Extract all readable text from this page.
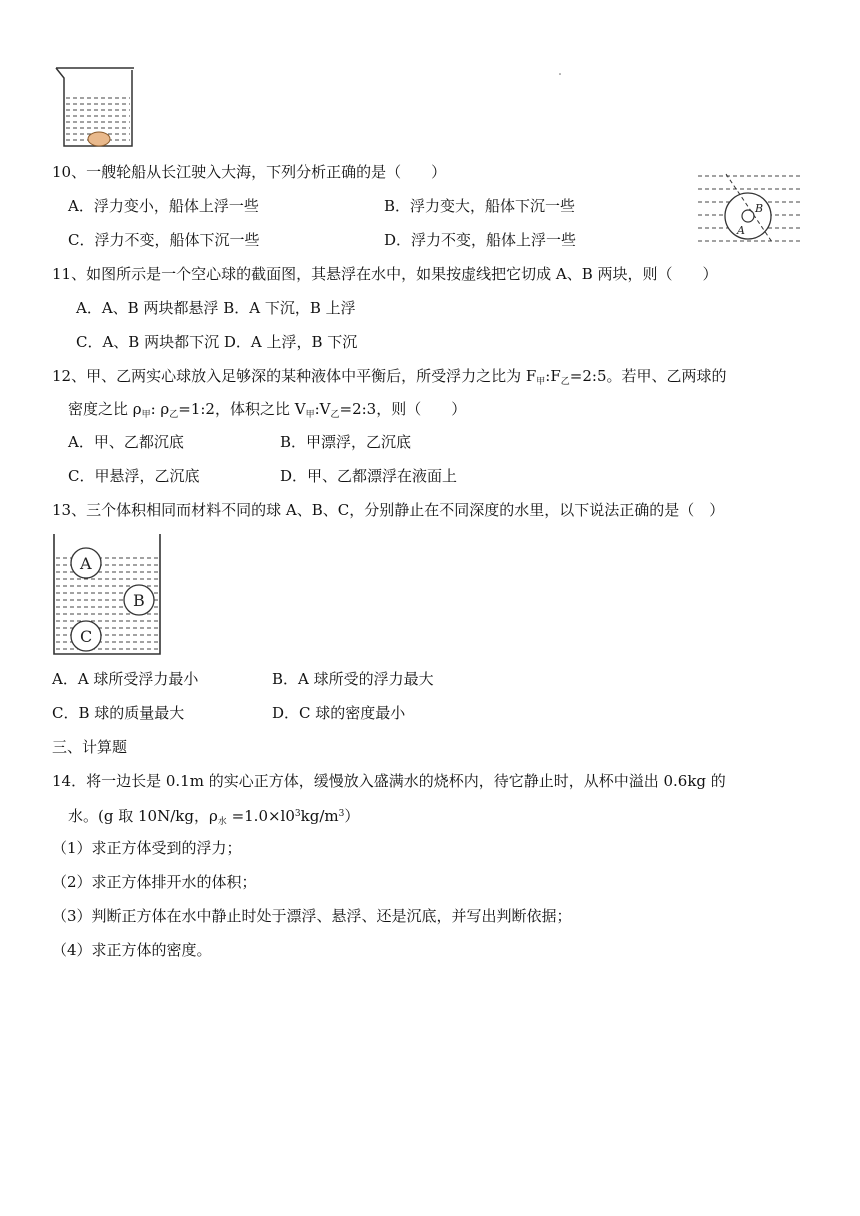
10、一艘轮船从长江驶入大海，下列分析正确的是（　　）
A．浮力变小，船体上浮一些	B．浮力变大，船体下沉一些
C．浮力不变，船体下沉一些	D．浮力不变，船体上浮一些
B
A
11、如图所示是一个空心球的截面图，其悬浮在水中，如果按虚线把它切成 A、B 两块，则（　　）
A．A、B 两块都悬浮 B．A 下沉，B 上浮
C．A、B 两块都下沉 D．A 上浮，B 下沉
12、甲、乙两实心球放入足够深的某种液体中平衡后，所受浮力之比为 $F_甲:F_乙=2:5$。若甲、乙两球的
密度之比 $\rho_甲$: $\rho_乙=1:2$，体积之比 $V_甲:V_乙=2:3$，则（　　）
A．甲、乙都沉底	B．甲漂浮，乙沉底
C．甲悬浮，乙沉底	D．甲、乙都漂浮在液面上
13、三个体积相同而材料不同的球 A、B、C，分别静止在不同深度的水里，以下说法正确的是（　）
A
B
C
A．A 球所受浮力最小	B．A 球所受的浮力最大
C．B 球的质量最大	D．C 球的密度最小
三、计算题
14．将一边长是 0.1m 的实心正方体，缓慢放入盛满水的烧杯内，待它静止时，从杯中溢出 0.6kg 的
水。(g 取 10N/kg，$\rho_水 =1.0\times l0^3kg/m^3$）
（1）求正方体受到的浮力；
（2）求正方体排开水的体积；
（3）判断正方体在水中静止时处于漂浮、悬浮、还是沉底，并写出判断依据；
（4）求正方体的密度。
